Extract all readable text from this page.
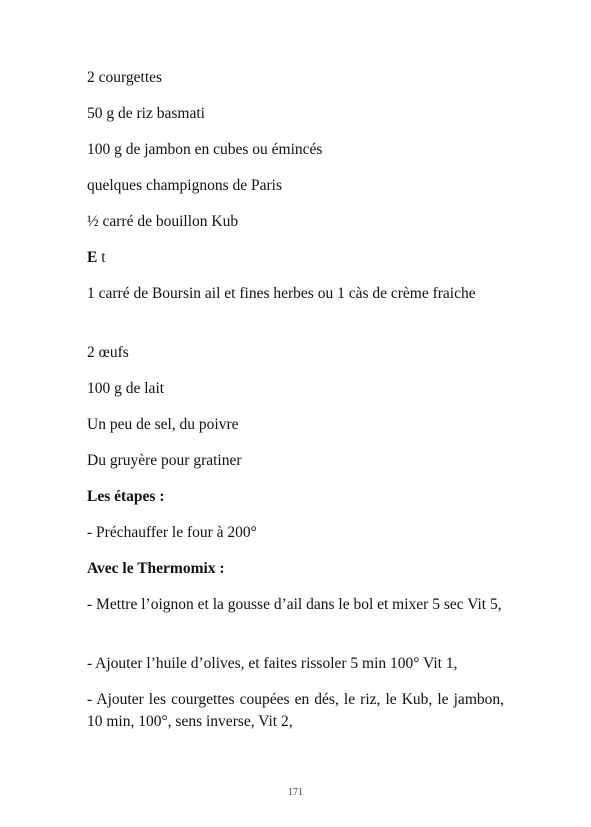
2 courgettes

50 g de riz basmati

100 g de jambon en cubes ou émincés

quelques champignons de Paris

½ carré de bouillon Kub

E t

1 carré de Boursin ail et fines herbes ou 1 càs de crème fraiche

2 œufs

100 g de lait

Un peu de sel, du poivre

Du gruyère pour gratiner

Les étapes :

- Préchauffer le four à 200°

Avec le Thermomix :

- Mettre l’oignon et la gousse d’ail dans le bol et mixer 5 sec Vit 5,

- Ajouter l’huile d’olives, et faites rissoler 5 min 100° Vit 1,

- Ajouter les courgettes coupées en dés, le riz, le Kub, le jambon, 10 min, 100°, sens inverse, Vit 2,

171
